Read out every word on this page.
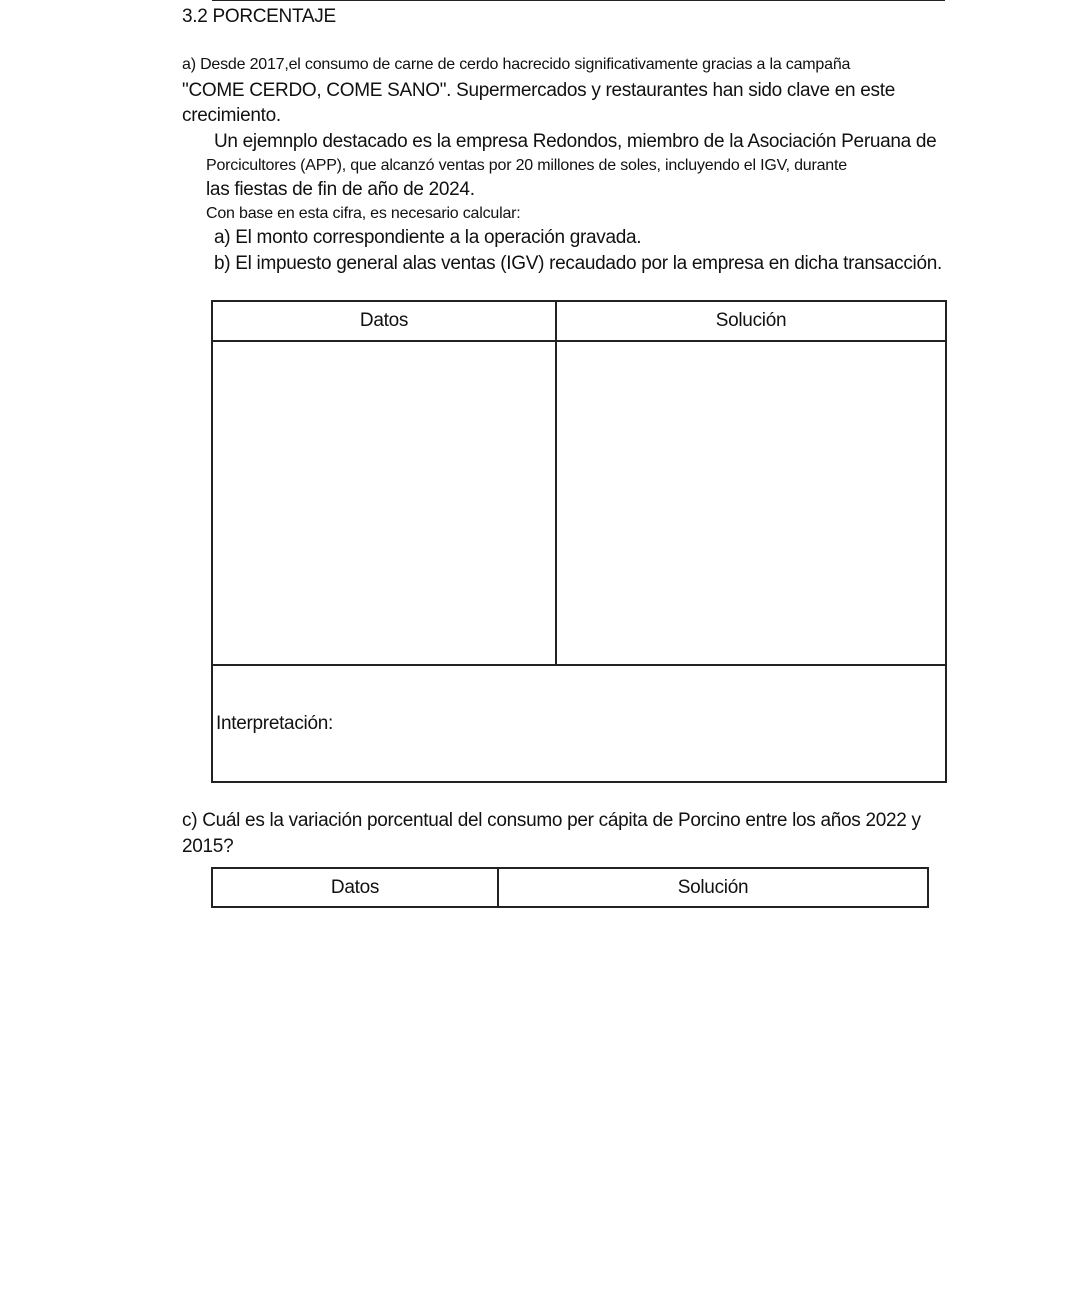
3.2 PORCENTAJE

a) Desde 2017,el consumo de carne de cerdo hacrecido significativamente gracias a la campaña

"COME CERDO, COME SANO". Supermercados y restaurantes han sido clave en este

crecimiento.

Un ejemnplo destacado es la empresa Redondos, miembro de la Asociación Peruana de

Porcicultores (APP), que alcanzó ventas por 20 millones de soles, incluyendo el IGV, durante

las fiestas de fin de año de 2024.

Con base en esta cifra, es necesario calcular:

a) El monto correspondiente a la operación gravada.

b) El impuesto general alas ventas (IGV) recaudado por la empresa en dicha transacción.

Datos	Solución

Interpretación:	

c) Cuál es la variación porcentual del consumo per cápita de Porcino entre los años 2022 y

2015?

Datos	Solución
